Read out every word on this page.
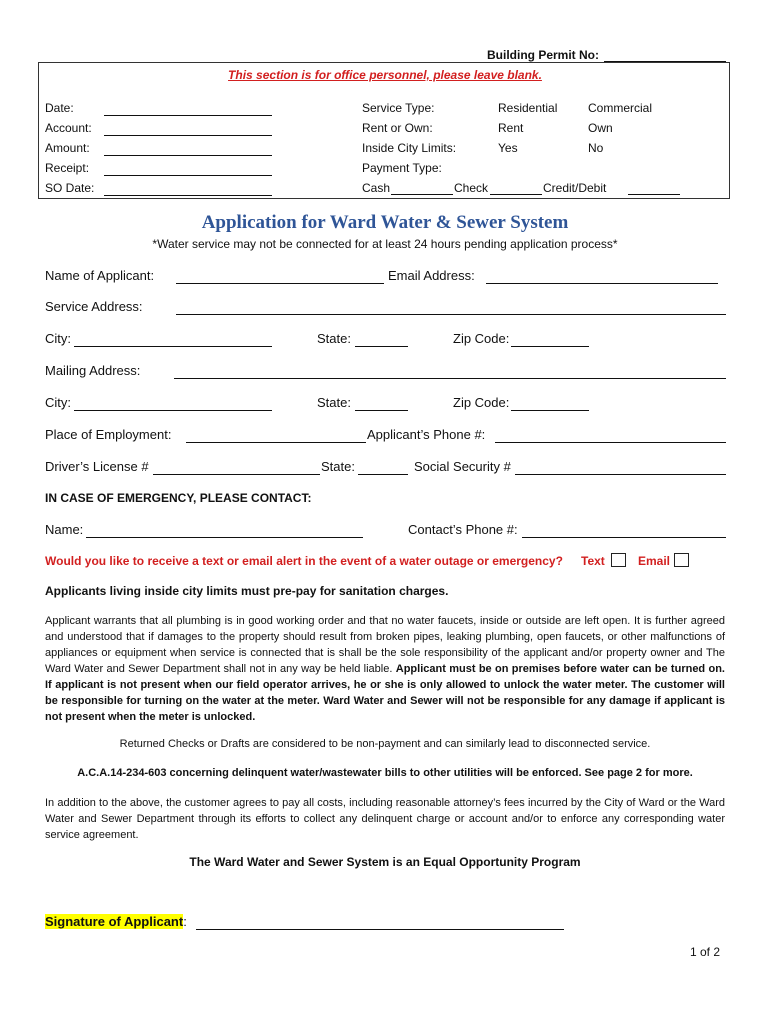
Building Permit No:
This section is for office personnel, please leave blank.
Date:
Account:
Amount:
Receipt:
SO Date:
Service Type:	Residential	Commercial
Rent or Own:	Rent	Own
Inside City Limits:	Yes	No
Payment Type:
Cash	Check	Credit/Debit
Application for Ward Water & Sewer System
*Water service may not be connected for at least 24 hours pending application process*
Name of Applicant:	Email Address:
Service Address:
City:	State:	Zip Code:
Mailing Address:
City:	State:	Zip Code:
Place of Employment:	Applicant’s Phone #:
Driver’s License #	State:	Social Security #
IN CASE OF EMERGENCY, PLEASE CONTACT:
Name:	Contact’s Phone #:
Would you like to receive a text or email alert in the event of a water outage or emergency? Text	Email
Applicants living inside city limits must pre-pay for sanitation charges.
Applicant warrants that all plumbing is in good working order and that no water faucets, inside or outside are left open. It is further agreed and understood that if damages to the property should result from broken pipes, leaking plumbing, open faucets, or other malfunctions of appliances or equipment when service is connected that is shall be the sole responsibility of the applicant and/or property owner and The Ward Water and Sewer Department shall not in any way be held liable. Applicant must be on premises before water can be turned on. If applicant is not present when our field operator arrives, he or she is only allowed to unlock the water meter. The customer will be responsible for turning on the water at the meter. Ward Water and Sewer will not be responsible for any damage if applicant is not present when the meter is unlocked.
Returned Checks or Drafts are considered to be non-payment and can similarly lead to disconnected service.
A.C.A.14-234-603 concerning delinquent water/wastewater bills to other utilities will be enforced. See page 2 for more.
In addition to the above, the customer agrees to pay all costs, including reasonable attorney’s fees incurred by the City of Ward or the Ward Water and Sewer Department through its efforts to collect any delinquent charge or account and/or to enforce any corresponding water service agreement.
The Ward Water and Sewer System is an Equal Opportunity Program
Signature of Applicant:
1 of 2
